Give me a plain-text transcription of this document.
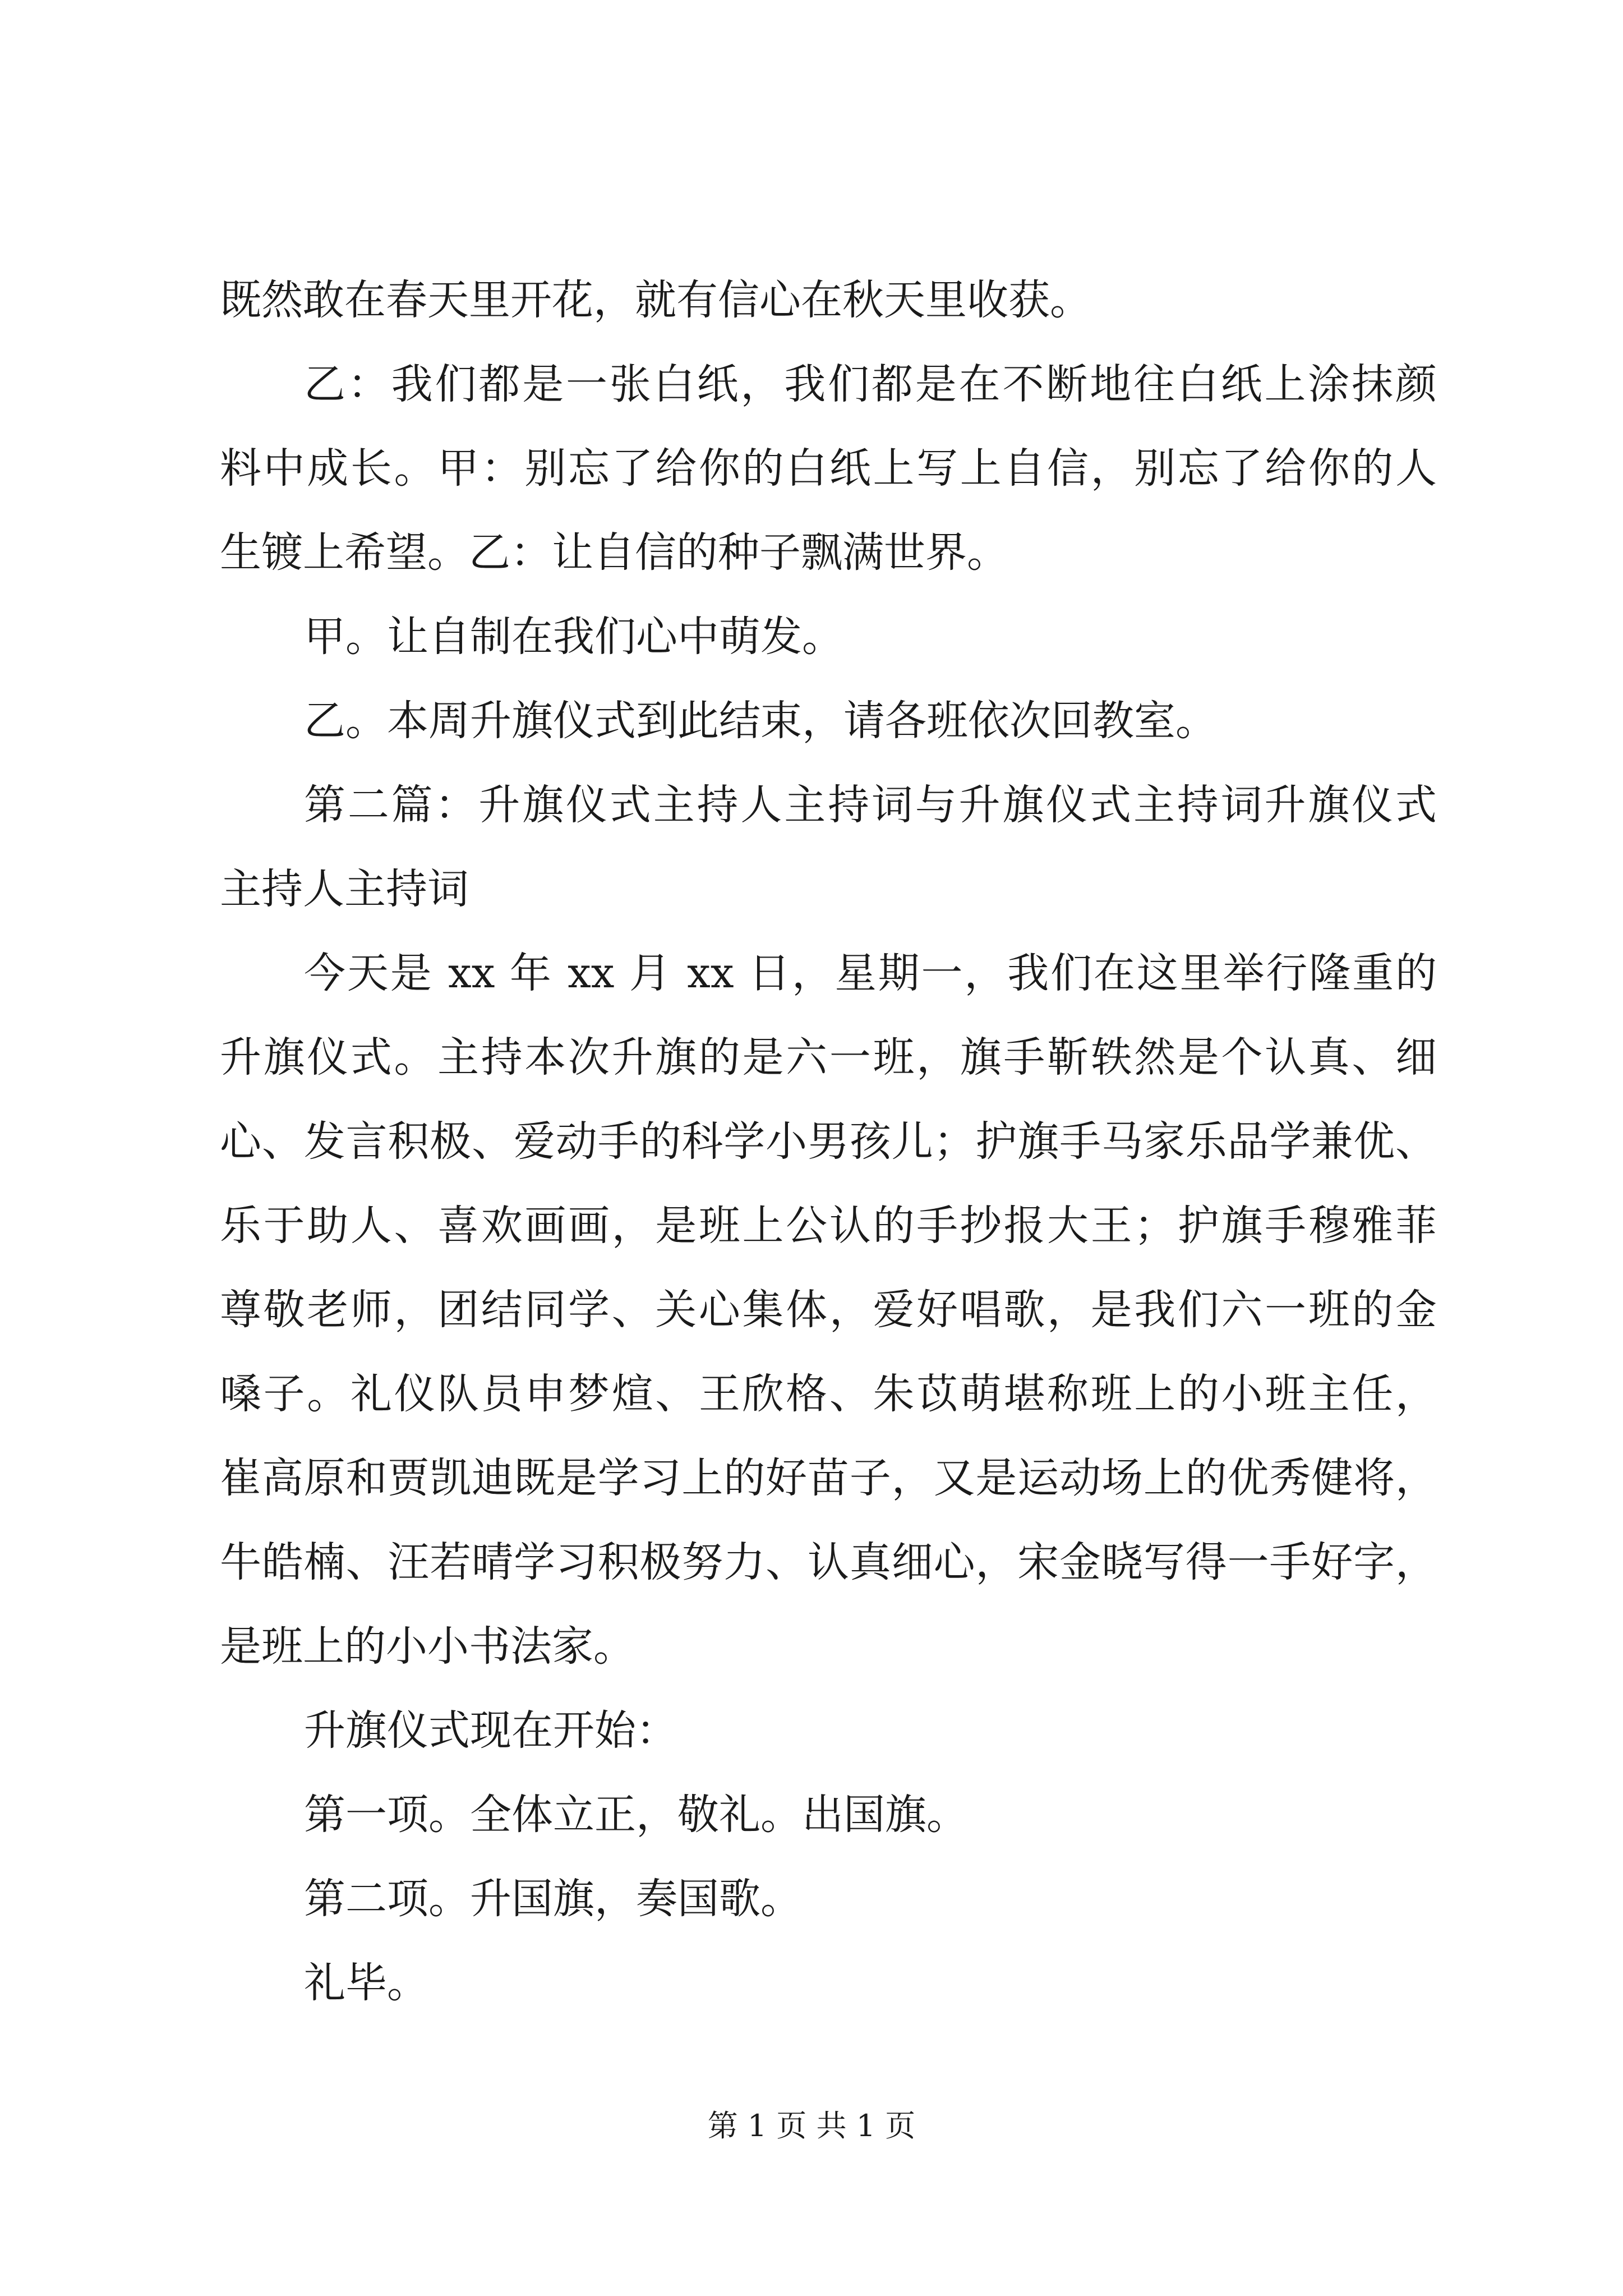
既然敢在春天里开花，就有信心在秋天里收获。
乙：我们都是一张白纸，我们都是在不断地往白纸上涂抹颜
料中成长。甲：别忘了给你的白纸上写上自信，别忘了给你的人
生镀上希望。乙：让自信的种子飘满世界。
甲。让自制在我们心中萌发。
乙。本周升旗仪式到此结束，请各班依次回教室。
第二篇：升旗仪式主持人主持词与升旗仪式主持词升旗仪式
主持人主持词
今天是 xx 年 xx 月 xx 日，星期一，我们在这里举行隆重的
升旗仪式。主持本次升旗的是六一班，旗手靳轶然是个认真、细
心、发言积极、爱动手的科学小男孩儿；护旗手马家乐品学兼优、
乐于助人、喜欢画画，是班上公认的手抄报大王；护旗手穆雅菲
尊敬老师，团结同学、关心集体，爱好唱歌，是我们六一班的金
嗓子。礼仪队员申梦煊、王欣格、朱苡萌堪称班上的小班主任，
崔高原和贾凯迪既是学习上的好苗子，又是运动场上的优秀健将，
牛皓楠、汪若晴学习积极努力、认真细心，宋金晓写得一手好字，
是班上的小小书法家。
升旗仪式现在开始：
第一项。全体立正，敬礼。出国旗。
第二项。升国旗，奏国歌。
礼毕。
第 1 页 共 1 页
